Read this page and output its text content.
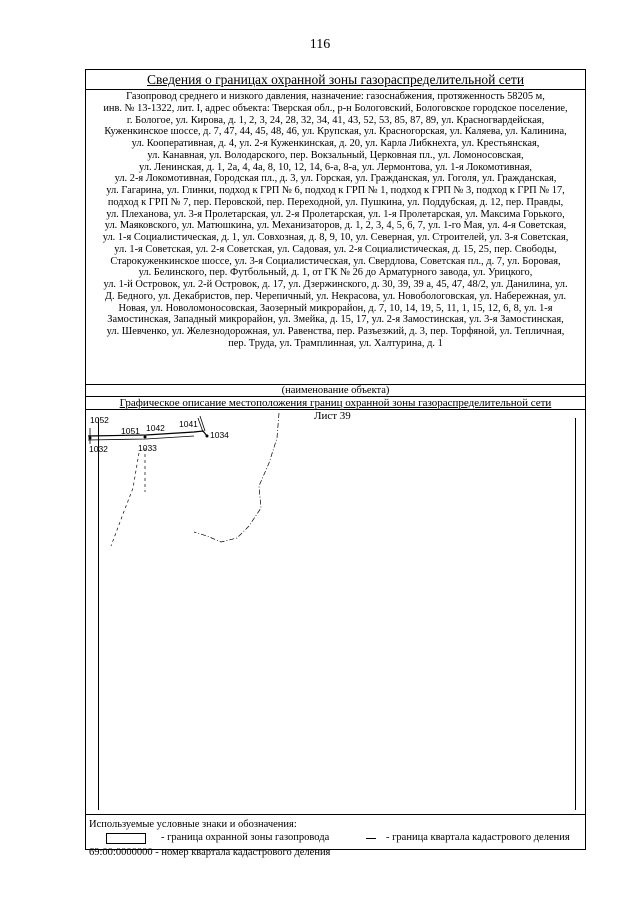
116
Сведения о границах охранной зоны газораспределительной сети
Газопровод среднего и низкого давления, назначение: газоснабжения, протяженность 58205 м,
инв. № 13-1322, лит. I, адрес объекта: Тверская обл., р-н Бологовский, Бологовское городское поселение,
г. Бологое, ул. Кирова, д. 1, 2, 3, 24, 28, 32, 34, 41, 43, 52, 53, 85, 87, 89, ул. Красногвардейская,
Куженкинское шоссе, д. 7, 47, 44, 45, 48, 46, ул. Крупская, ул. Красногорская, ул. Каляева, ул. Калинина,
ул. Кооперативная, д. 4, ул. 2-я Куженкинская, д. 20, ул. Карла Либкнехта, ул. Крестьянская,
ул. Канавная, ул. Володарского, пер. Вокзальный, Церковная пл., ул. Ломоносовская,
ул. Ленинская, д. 1, 2а, 4, 4а, 8, 10, 12, 14, 6-а, 8-а, ул. Лермонтова, ул. 1-я Локомотивная,
ул. 2-я Локомотивная, Городская пл., д. 3, ул. Горская, ул. Гражданская, ул. Гоголя, ул. Гражданская,
ул. Гагарина, ул. Глинки, подход к ГРП № 6, подход к ГРП № 1, подход к ГРП № 3, подход к ГРП № 17,
подход к ГРП № 7, пер. Перовской, пер. Переходной, ул. Пушкина, ул. Поддубская, д. 12, пер. Правды,
ул. Плеханова, ул. 3-я Пролетарская, ул. 2-я Пролетарская, ул. 1-я Пролетарская, ул. Максима Горького,
ул. Маяковского, ул. Матюшкина, ул. Механизаторов, д. 1, 2, 3, 4, 5, 6, 7, ул. 1-го Мая, ул. 4-я Советская,
ул. 1-я Социалистическая, д. 1, ул. Совхозная, д. 8, 9, 10, ул. Северная, ул. Строителей, ул. 3-я Советская,
ул. 1-я Советская, ул. 2-я Советская, ул. Садовая, ул. 2-я Социалистическая, д. 15, 25, пер. Свободы,
Старокуженкинское шоссе, ул. 3-я Социалистическая, ул. Свердлова, Советская пл., д. 7, ул. Боровая,
ул. Белинского, пер. Футбольный, д. 1, от ГК № 26 до Арматурного завода, ул. Урицкого,
ул. 1-й Островок, ул. 2-й Островок, д. 17, ул. Дзержинского, д. 30, 39, 39 а, 45, 47, 48/2, ул. Данилина, ул.
Д. Бедного, ул. Декабристов, пер. Черепичный, ул. Некрасова, ул. Новобологовская, ул. Набережная, ул.
Новая, ул. Новоломоносовская, Заозерный микрорайон, д. 7, 10, 14, 19, 5, 11, 1, 15, 12, 6, 8, ул. 1-я
Замостинская, Западный микрорайон, ул. Змейка, д. 15, 17, ул. 2-я Замостинская, ул. 3-я Замостинская,
ул. Шевченко, ул. Железнодорожная, ул. Равенства, пер. Разъезжий, д. 3, пер. Торфяной, ул. Тепличная,
пер. Труда, ул. Трамплинная, ул. Халтурина, д. 1
(наименование объекта)
Графическое описание местоположения границ охранной зоны газораспределительной сети
Лист 39
1052
1051 1042 1041
1034
1032	1033
Используемые условные знаки и обозначения:
- граница охранной зоны газопровода	- граница квартала кадастрового деления
69:00:0000000 - номер квартала кадастрового деления
